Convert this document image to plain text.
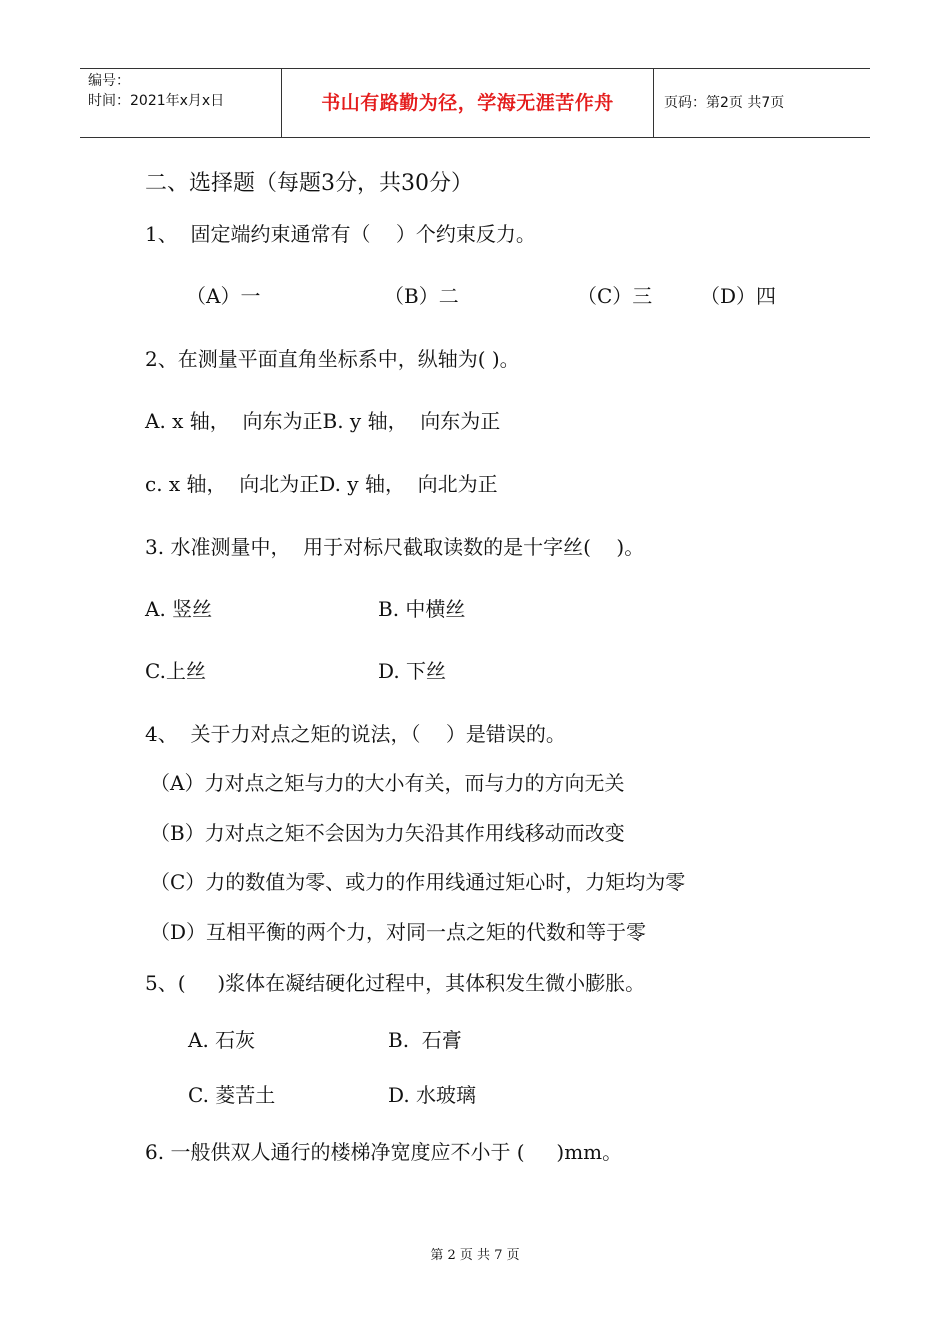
编号：
时间：2021年x月x日	书山有路勤为径，学海无涯苦作舟	页码：第2页 共7页
二、选择题（每题3分，共30分）
1、  固定端约束通常有（    ）个约束反力。
（A）一	（B）二	（C）三 （D）四
2、在测量平面直角坐标系中，纵轴为( )。
A. x 轴，  向东为正B. y 轴，  向东为正
c. x 轴，  向北为正D. y 轴，  向北为正
3. 水准测量中，  用于对标尺截取读数的是十字丝(    )。
A. 竖丝	B. 中横丝
C.上丝	D. 下丝
4、  关于力对点之矩的说法，（    ）是错误的。
（A）力对点之矩与力的大小有关，而与力的方向无关
（B）力对点之矩不会因为力矢沿其作用线移动而改变
（C）力的数值为零、或力的作用线通过矩心时，力矩均为零
（D）互相平衡的两个力，对同一点之矩的代数和等于零
5、(     )浆体在凝结硬化过程中，其体积发生微小膨胀。
A. 石灰	B.  石膏
C. 菱苦土	D. 水玻璃
6. 一般供双人通行的楼梯净宽度应不小于 (     )mm。
第 2 页 共 7 页
